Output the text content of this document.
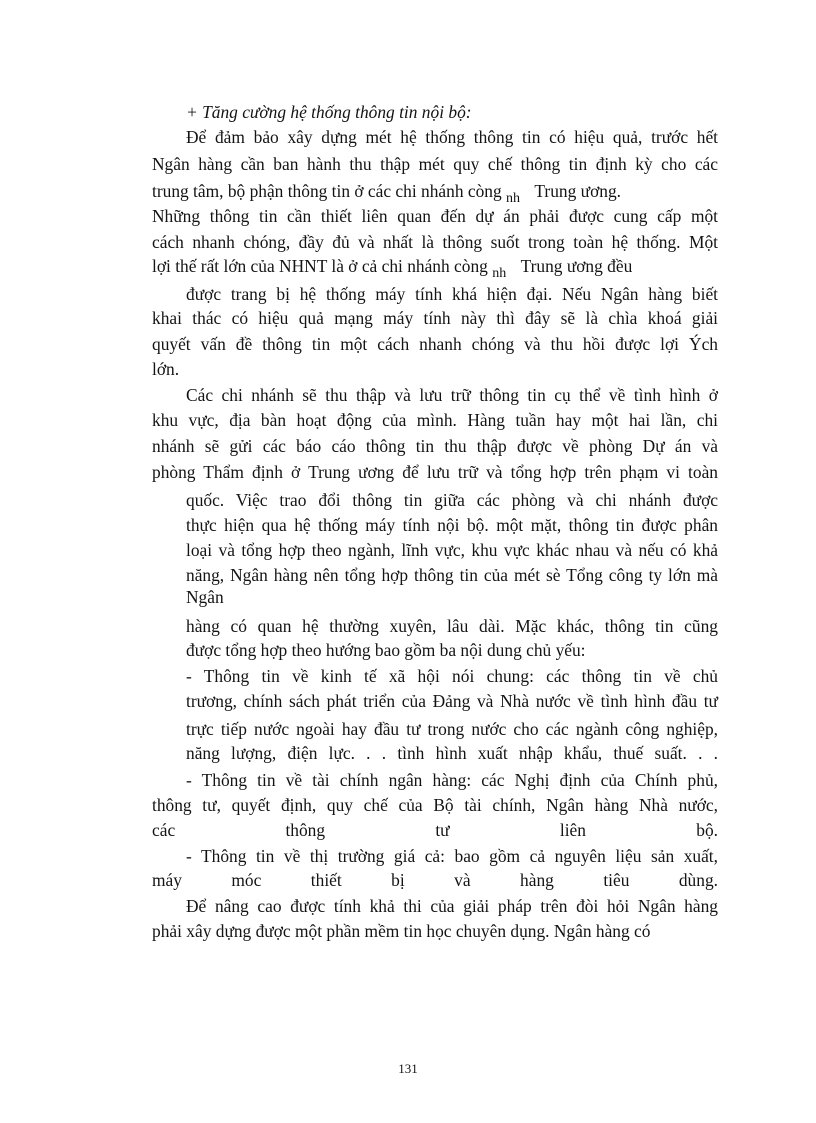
+ Tăng cường hệ thống thông tin nội bộ:

Để đảm bảo xây dựng mét hệ thống thông tin có hiệu quả, trước hết

Ngân hàng cần ban hành thu thập mét quy chế thông tin định kỳ cho các

trung tâm, bộ phận thông tin ở các chi nhánh còng $_{nh}$ Trung ương.

Những thông tin cần thiết liên quan đến dự án phải được cung cấp một

cách nhanh chóng, đầy đủ và nhất là thông suốt trong toàn hệ thống. Một

lợi thế rất lớn của NHNT là ở cả chi nhánh còng $_{nh}$ Trung ương đều

được trang bị hệ thống máy tính khá hiện đại. Nếu Ngân hàng biết

khai thác có hiệu quả mạng máy tính này thì đây sẽ là chìa khoá giải

quyết vấn đề thông tin một cách nhanh chóng và thu hồi được lợi Ých

lớn.

Các chi nhánh sẽ thu thập và lưu trữ thông tin cụ thể về tình hình ở

khu vực, địa bàn hoạt động của mình. Hàng tuần hay một hai lần, chi

nhánh sẽ gửi các báo cáo thông tin thu thập được về phòng Dự án và

phòng Thẩm định ở Trung ương để lưu trữ và tổng hợp trên phạm vi toàn

quốc. Việc trao đổi thông tin giữa các phòng và chi nhánh được

thực hiện qua hệ thống máy tính nội bộ. một mặt, thông tin được phân

loại và tổng hợp theo ngành, lĩnh vực, khu vực khác nhau và nếu có khả

năng, Ngân hàng nên tổng hợp thông tin của mét sè Tổng công ty lớn mà

Ngân

hàng có quan hệ thường xuyên, lâu dài. Mặc khác, thông tin cũng

được tổng hợp theo hướng bao gồm ba nội dung chủ yếu:

- Thông tin về kinh tế xã hội nói chung: các thông tin về chủ

trương, chính sách phát triển của Đảng và Nhà nước về tình hình đầu tư

trực tiếp nước ngoài hay đầu tư trong nước cho các ngành công nghiệp,

năng lượng, điện lực. . . tình hình xuất nhập khẩu, thuế suất. . .

- Thông tin về tài chính ngân hàng: các Nghị định của Chính phủ,

thông tư, quyết định, quy chế của Bộ tài chính, Ngân hàng Nhà nước,

các thông tư liên bộ.

- Thông tin về thị trường giá cả: bao gồm cả nguyên liệu sản xuất,

máy móc thiết bị và hàng tiêu dùng.

Để nâng cao được tính khả thi của giải pháp trên đòi hỏi Ngân hàng

phải xây dựng được một phần mềm tin học chuyên dụng. Ngân hàng có

131
